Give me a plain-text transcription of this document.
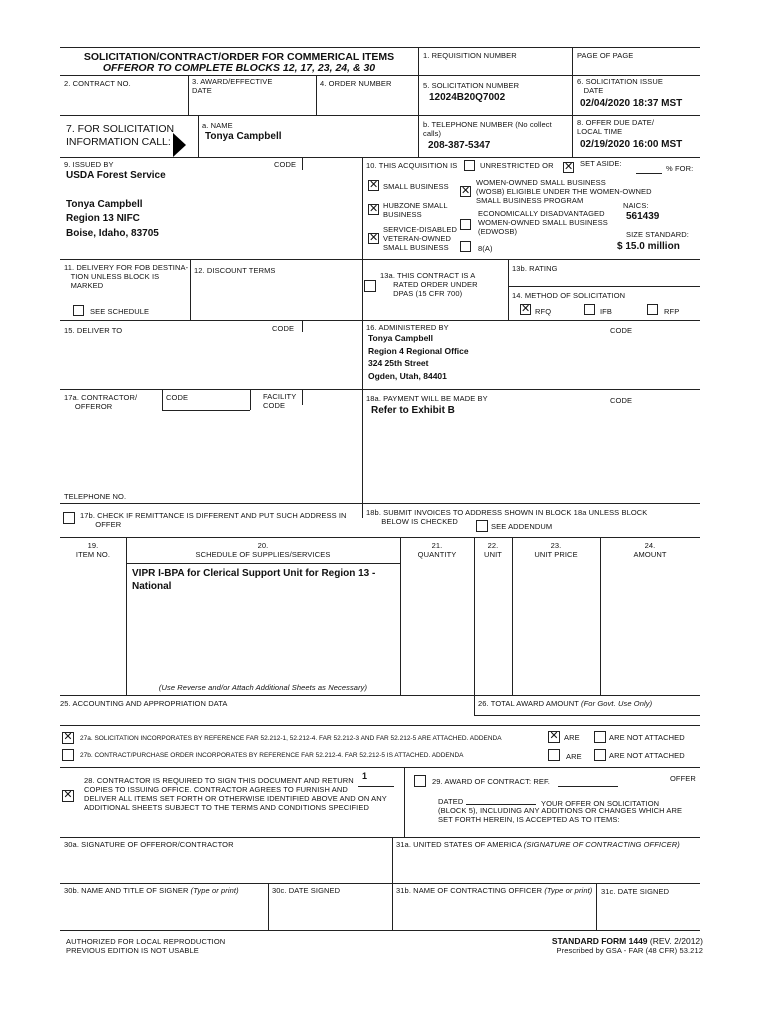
SOLICITATION/CONTRACT/ORDER FOR COMMERICAL ITEMS
OFFEROR TO COMPLETE BLOCKS 12, 17, 23, 24, & 30
1. REQUISITION NUMBER	PAGE OF PAGE
2. CONTRACT NO.	3. AWARD/EFFECTIVE
DATE
4. ORDER NUMBER	5. SOLICITATION NUMBER
12024B20Q7002
6. SOLICITATION ISSUE
DATE
02/04/2020 18:37 MST
7. FOR SOLICITATION
INFORMATION CALL:
a. NAME
Tonya Campbell
b. TELEPHONE NUMBER (No collect
calls)
208-387-5347
8. OFFER DUE DATE/
LOCAL TIME
02/19/2020 16:00 MST
9. ISSUED BY	CODE
USDA Forest Service
Tonya Campbell
Region 13 NIFC
Boise, Idaho, 83705
10. THIS ACQUISITION IS	UNRESTRICTED OR ✕ SET ASIDE:
% FOR:
✕ SMALL BUSINESS ✕
WOMEN-OWNED SMALL BUSINESS
(WOSB) ELIGIBLE UNDER THE WOMEN-OWNED
SMALL BUSINESS PROGRAM
NAICS:
✕ HUBZONE SMALL
BUSINESS	ECONOMICALLY DISADVANTAGED
WOMEN-OWNED SMALL BUSINESS
(EDWOSB)
561439
SERVICE-DISABLED
VETERAN-OWNED
SMALL BUSINESS
✕
8(A)
SIZE STANDARD:
$ 15.0 million
11. DELIVERY FOR FOB DESTINA-
TION UNLESS BLOCK IS
MARKED
SEE SCHEDULE
12. DISCOUNT TERMS
13a. THIS CONTRACT IS A
RATED ORDER UNDER
DPAS (15 CFR 700)
13b. RATING
14. METHOD OF SOLICITATION
✕ RFQ	IFB	RFP
15. DELIVER TO	CODE	16. ADMINISTERED BY	CODE
Tonya Campbell
Region 4 Regional Office
324 25th Street
Ogden, Utah, 84401
17a. CONTRACTOR/
OFFEROR
CODE	FACILITY
CODE
TELEPHONE NO.
18a. PAYMENT WILL BE MADE BY	CODE
Refer to Exhibit B
17b. CHECK IF REMITTANCE IS DIFFERENT AND PUT SUCH ADDRESS IN
OFFER
18b. SUBMIT INVOICES TO ADDRESS SHOWN IN BLOCK 18a UNLESS BLOCK
BELOW IS CHECKED
SEE ADDENDUM
19.
ITEM NO.
20.
SCHEDULE OF SUPPLIES/SERVICES
21.
QUANTITY
22.
UNIT
23.
UNIT PRICE
24.
AMOUNT
VIPR I-BPA for Clerical Support Unit for Region 13 -
National
(Use Reverse and/or Attach Additional Sheets as Necessary)
25. ACCOUNTING AND APPROPRIATION DATA	26. TOTAL AWARD AMOUNT (For Govt. Use Only)
✕ 27a. SOLICITATION INCORPORATES BY REFERENCE FAR 52.212-1, 52.212-4. FAR 52.212-3 AND FAR 52.212-5 ARE ATTACHED. ADDENDA	✕ ARE	ARE NOT ATTACHED
27b. CONTRACT/PURCHASE ORDER INCORPORATES BY REFERENCE FAR 52.212-4. FAR 52.212-5 IS ATTACHED. ADDENDA	ARE	ARE NOT ATTACHED
✕
28. CONTRACTOR IS REQUIRED TO SIGN THIS DOCUMENT AND RETURN
COPIES TO ISSUING OFFICE. CONTRACTOR AGREES TO FURNISH AND
DELIVER ALL ITEMS SET FORTH OR OTHERWISE IDENTIFIED ABOVE AND ON ANY
ADDITIONAL SHEETS SUBJECT TO THE TERMS AND CONDITIONS SPECIFIED
1
29. AWARD OF CONTRACT: REF.	OFFER
DATED	YOUR OFFER ON SOLICITATION
(BLOCK 5), INCLUDING ANY ADDITIONS OR CHANGES WHICH ARE
SET FORTH HEREIN, IS ACCEPTED AS TO ITEMS:
30a. SIGNATURE OF OFFEROR/CONTRACTOR	31a. UNITED STATES OF AMERICA (SIGNATURE OF CONTRACTING OFFICER)
30b. NAME AND TITLE OF SIGNER (Type or print)	30c. DATE SIGNED	31b. NAME OF CONTRACTING OFFICER (Type or print) 31c. DATE SIGNED
AUTHORIZED FOR LOCAL REPRODUCTION
PREVIOUS EDITION IS NOT USABLE
STANDARD FORM 1449 (REV. 2/2012)
Prescribed by GSA - FAR (48 CFR) 53.212
